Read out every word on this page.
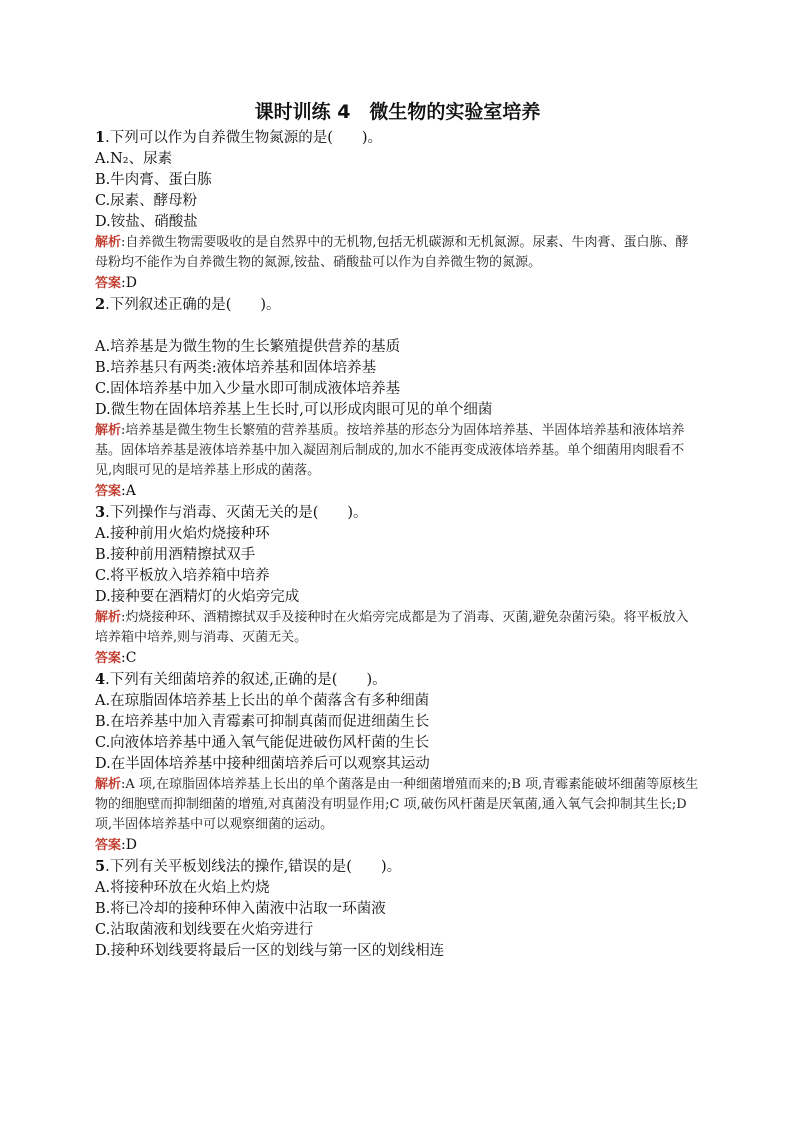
课时训练 4　微生物的实验室培养
1.下列可以作为自养微生物氮源的是(　　)。
A.N₂、尿素
B.牛肉膏、蛋白胨
C.尿素、酵母粉
D.铵盐、硝酸盐
解析:自养微生物需要吸收的是自然界中的无机物,包括无机碳源和无机氮源。尿素、牛肉膏、蛋白胨、酵母粉均不能作为自养微生物的氮源,铵盐、硝酸盐可以作为自养微生物的氮源。
答案:D
2.下列叙述正确的是(　　)。
A.培养基是为微生物的生长繁殖提供营养的基质
B.培养基只有两类:液体培养基和固体培养基
C.固体培养基中加入少量水即可制成液体培养基
D.微生物在固体培养基上生长时,可以形成肉眼可见的单个细菌
解析:培养基是微生物生长繁殖的营养基质。按培养基的形态分为固体培养基、半固体培养基和液体培养基。固体培养基是液体培养基中加入凝固剂后制成的,加水不能再变成液体培养基。单个细菌用肉眼看不见,肉眼可见的是培养基上形成的菌落。
答案:A
3.下列操作与消毒、灭菌无关的是(　　)。
A.接种前用火焰灼烧接种环
B.接种前用酒精擦拭双手
C.将平板放入培养箱中培养
D.接种要在酒精灯的火焰旁完成
解析:灼烧接种环、酒精擦拭双手及接种时在火焰旁完成都是为了消毒、灭菌,避免杂菌污染。将平板放入培养箱中培养,则与消毒、灭菌无关。
答案:C
4.下列有关细菌培养的叙述,正确的是(　　)。
A.在琼脂固体培养基上长出的单个菌落含有多种细菌
B.在培养基中加入青霉素可抑制真菌而促进细菌生长
C.向液体培养基中通入氧气能促进破伤风杆菌的生长
D.在半固体培养基中接种细菌培养后可以观察其运动
解析:A 项,在琼脂固体培养基上长出的单个菌落是由一种细菌增殖而来的;B 项,青霉素能破坏细菌等原核生物的细胞壁而抑制细菌的增殖,对真菌没有明显作用;C 项,破伤风杆菌是厌氧菌,通入氧气会抑制其生长;D 项,半固体培养基中可以观察细菌的运动。
答案:D
5.下列有关平板划线法的操作,错误的是(　　)。
A.将接种环放在火焰上灼烧
B.将已冷却的接种环伸入菌液中沾取一环菌液
C.沾取菌液和划线要在火焰旁进行
D.接种环划线要将最后一区的划线与第一区的划线相连
